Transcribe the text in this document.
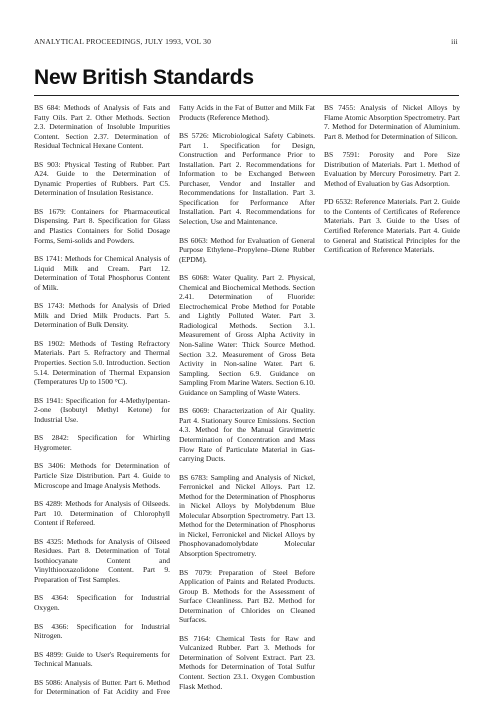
ANALYTICAL PROCEEDINGS, JULY 1993, VOL 30	iii
New British Standards

BS 684: Methods of Analysis of Fats and Fatty Oils. Part 2. Other Methods. Section 2.3. Determination of Insoluble Impurities Content. Section 2.37. Determination of Residual Technical Hexane Content.

BS 903: Physical Testing of Rubber. Part A24. Guide to the Determination of Dynamic Properties of Rubbers. Part C5. Determination of Insulation Resistance.

BS 1679: Containers for Pharmaceutical Dispensing. Part 8. Specification for Glass and Plastics Containers for Solid Dosage Forms, Semi-solids and Powders.

BS 1741: Methods for Chemical Analysis of Liquid Milk and Cream. Part 12. Determination of Total Phosphorus Content of Milk.

BS 1743: Methods for Analysis of Dried Milk and Dried Milk Products. Part 5. Determination of Bulk Density.

BS 1902: Methods of Testing Refractory Materials. Part 5. Refractory and Thermal Properties. Section 5.0. Introduction. Section 5.14. Determination of Thermal Expansion (Temperatures Up to 1500 °C).

BS 1941: Specification for 4-Methylpentan-2-one (Isobutyl Methyl Ketone) for Industrial Use.

BS 2842: Specification for Whirling Hygrometer.

BS 3406: Methods for Determination of Particle Size Distribution. Part 4. Guide to Microscope and Image Analysis Methods.

BS 4289: Methods for Analysis of Oilseeds. Part 10. Determination of Chlorophyll Content if Refereed.

BS 4325: Methods for Analysis of Oilseed Residues. Part 8. Determination of Total Isothiocyanate Content and Vinylthiooxazolidone Content. Part 9. Preparation of Test Samples.

BS 4364: Specification for Industrial Oxygen.

BS 4366: Specification for Industrial Nitrogen.

BS 4899: Guide to User's Requirements for Technical Manuals.

BS 5086: Analysis of Butter. Part 6. Method for Determination of Fat Acidity and Free Fatty Acids in the Fat of Butter and Milk Fat Products (Reference Method).

BS 5726: Microbiological Safety Cabinets. Part 1. Specification for Design, Construction and Performance Prior to Installation. Part 2. Recommendations for Information to be Exchanged Between Purchaser, Vendor and Installer and Recommendations for Installation. Part 3. Specification for Performance After Installation. Part 4. Recommendations for Selection, Use and Maintenance.

BS 6063: Method for Evaluation of General Purpose Ethylene–Propylene–Diene Rubber (EPDM).

BS 6068: Water Quality. Part 2. Physical, Chemical and Biochemical Methods. Section 2.41. Determination of Fluoride: Electrochemical Probe Method for Potable and Lightly Polluted Water. Part 3. Radiological Methods. Section 3.1. Measurement of Gross Alpha Activity in Non-Saline Water: Thick Source Method. Section 3.2. Measurement of Gross Beta Activity in Non-saline Water. Part 6. Sampling. Section 6.9. Guidance on Sampling From Marine Waters. Section 6.10. Guidance on Sampling of Waste Waters.

BS 6069: Characterization of Air Quality. Part 4. Stationary Source Emissions. Section 4.3. Method for the Manual Gravimetric Determination of Concentration and Mass Flow Rate of Particulate Material in Gas-carrying Ducts.

BS 6783: Sampling and Analysis of Nickel, Ferronickel and Nickel Alloys. Part 12. Method for the Determination of Phosphorus in Nickel Alloys by Molybdenum Blue Molecular Absorption Spectrometry. Part 13. Method for the Determination of Phosphorus in Nickel, Ferronickel and Nickel Alloys by Phosphovanadomolybdate Molecular Absorption Spectrometry.

BS 7079: Preparation of Steel Before Application of Paints and Related Products. Group B. Methods for the Assessment of Surface Cleanliness. Part B2. Method for Determination of Chlorides on Cleaned Surfaces.

BS 7164: Chemical Tests for Raw and Vulcanized Rubber. Part 3. Methods for Determination of Solvent Extract. Part 23. Methods for Determination of Total Sulfur Content. Section 23.1. Oxygen Combustion Flask Method.

BS 7455: Analysis of Nickel Alloys by Flame Atomic Absorption Spectrometry. Part 7. Method for Determination of Aluminium. Part 8. Method for Determination of Silicon.

BS 7591: Porosity and Pore Size Distribution of Materials. Part 1. Method of Evaluation by Mercury Porosimetry. Part 2. Method of Evaluation by Gas Adsorption.

PD 6532: Reference Materials. Part 2. Guide to the Contents of Certificates of Reference Materials. Part 3. Guide to the Uses of Certified Reference Materials. Part 4. Guide to General and Statistical Principles for the Certification of Reference Materials.
